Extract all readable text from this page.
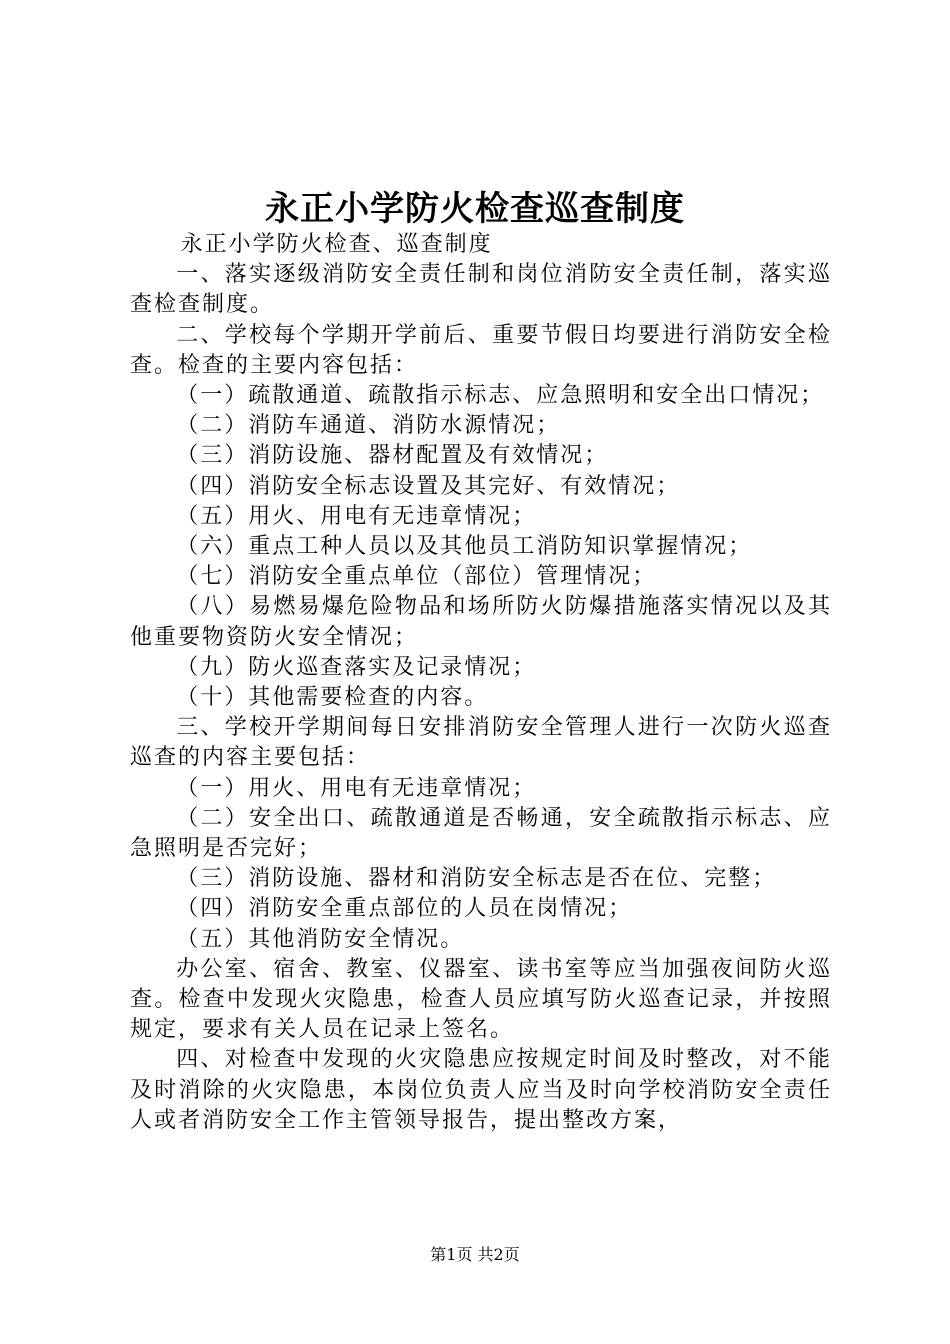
永正小学防火检查巡查制度

永正小学防火检查、巡查制度

一、落实逐级消防安全责任制和岗位消防安全责任制，落实巡查检查制度。

二、学校每个学期开学前后、重要节假日均要进行消防安全检查。检查的主要内容包括：

（一）疏散通道、疏散指示标志、应急照明和安全出口情况；

（二）消防车通道、消防水源情况；

（三）消防设施、器材配置及有效情况；

（四）消防安全标志设置及其完好、有效情况；

（五）用火、用电有无违章情况；

（六）重点工种人员以及其他员工消防知识掌握情况；

（七）消防安全重点单位（部位）管理情况；

（八）易燃易爆危险物品和场所防火防爆措施落实情况以及其他重要物资防火安全情况；

（九）防火巡查落实及记录情况；

（十）其他需要检查的内容。

三、学校开学期间每日安排消防安全管理人进行一次防火巡查巡查的内容主要包括：

（一）用火、用电有无违章情况；

（二）安全出口、疏散通道是否畅通，安全疏散指示标志、应急照明是否完好；

（三）消防设施、器材和消防安全标志是否在位、完整；

（四）消防安全重点部位的人员在岗情况；

（五）其他消防安全情况。

办公室、宿舍、教室、仪器室、读书室等应当加强夜间防火巡查。检查中发现火灾隐患，检查人员应填写防火巡查记录，并按照规定，要求有关人员在记录上签名。

四、对检查中发现的火灾隐患应按规定时间及时整改，对不能及时消除的火灾隐患，本岗位负责人应当及时向学校消防安全责任人或者消防安全工作主管领导报告，提出整改方案，

第1页 共2页
